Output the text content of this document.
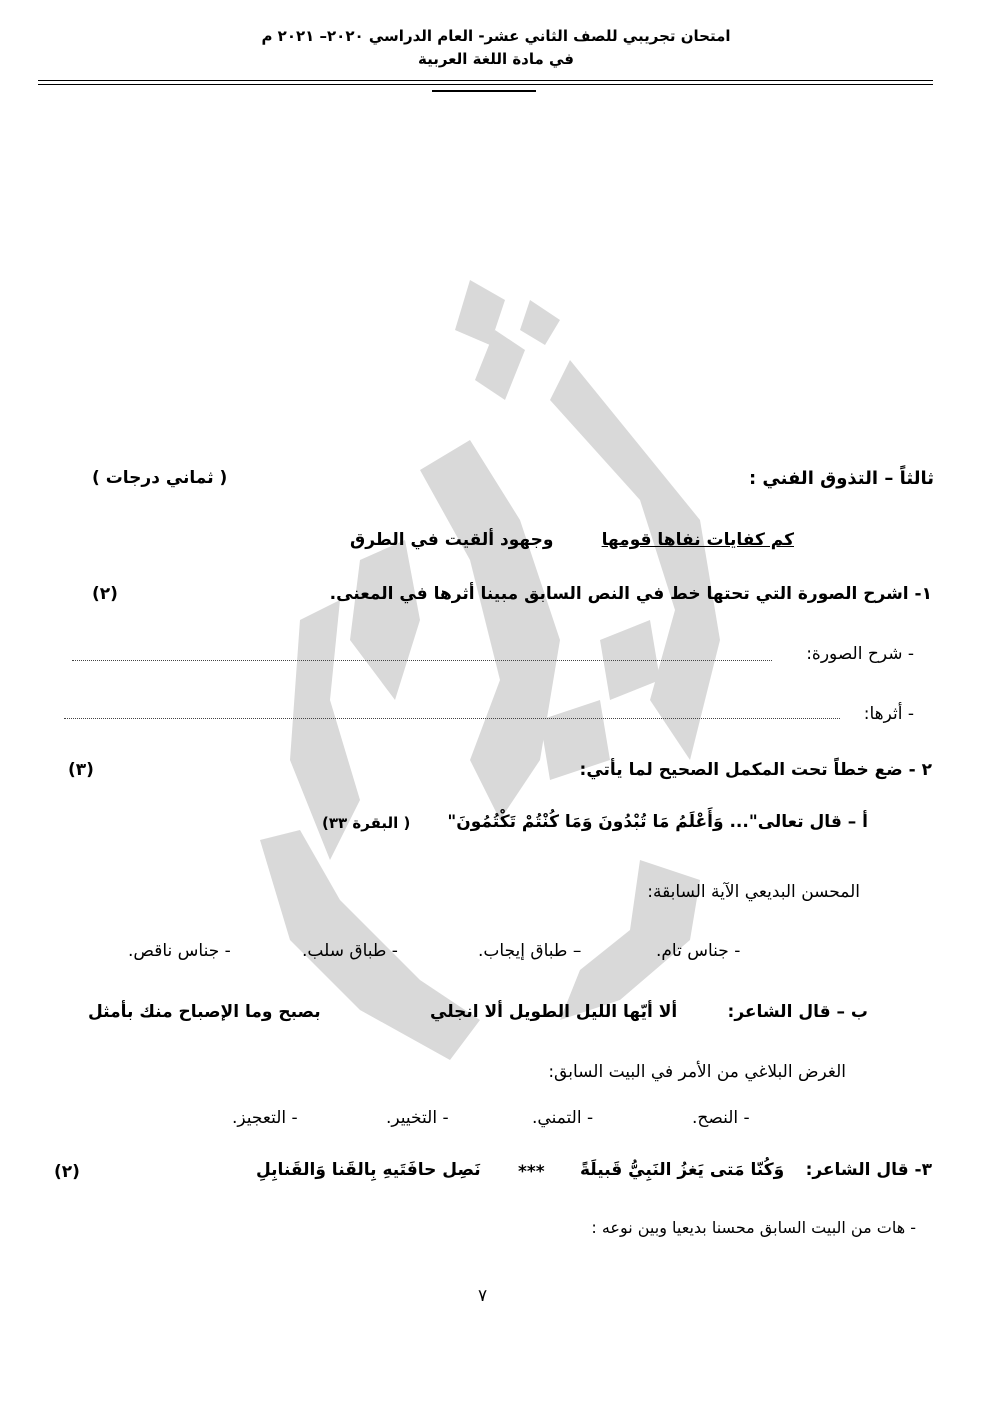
امتحان تجريبي للصف الثاني عشر- العام الدراسي ٢٠٢٠– ٢٠٢١ م
في مادة اللغة العربية
ثالثاً – التذوق الفني :
( ثماني درجات )
كم كفايات نفاها قومها
وجهود ألقيت في الطرق
١- اشرح الصورة التي تحتها خط في النص السابق مبينا أثرها في المعنى.
(٢)
- شرح الصورة:
- أثرها:
٢ - ضع خطاً تحت المكمل الصحيح لما يأتي:
(٣)
أ – قال تعالى"... وَأَعْلَمُ مَا تُبْدُونَ وَمَا كُنْتُمْ تَكْتُمُونَ"
( البقرة ٣٣)
المحسن البديعي الآية السابقة:
- جناس تام.
– طباق إيجاب.
- طباق سلب.
- جناس ناقص.
ب – قال الشاعر:
ألا أيّها الليل الطويل ألا انجلي
بصبح وما الإصباح منك بأمثل
الغرض البلاغي من الأمر في البيت السابق:
- النصح.
- التمني.
- التخيير.
- التعجيز.
٣- قال الشاعر:
وَكُنّا مَتى يَغزُ النَبِيُّ قَبيلَةً
***
نَصِل حافَتَيهِ بِالقَنا وَالقَنابِلِ
(٢)
- هات من البيت السابق محسنا بديعيا وبين نوعه :
٧
